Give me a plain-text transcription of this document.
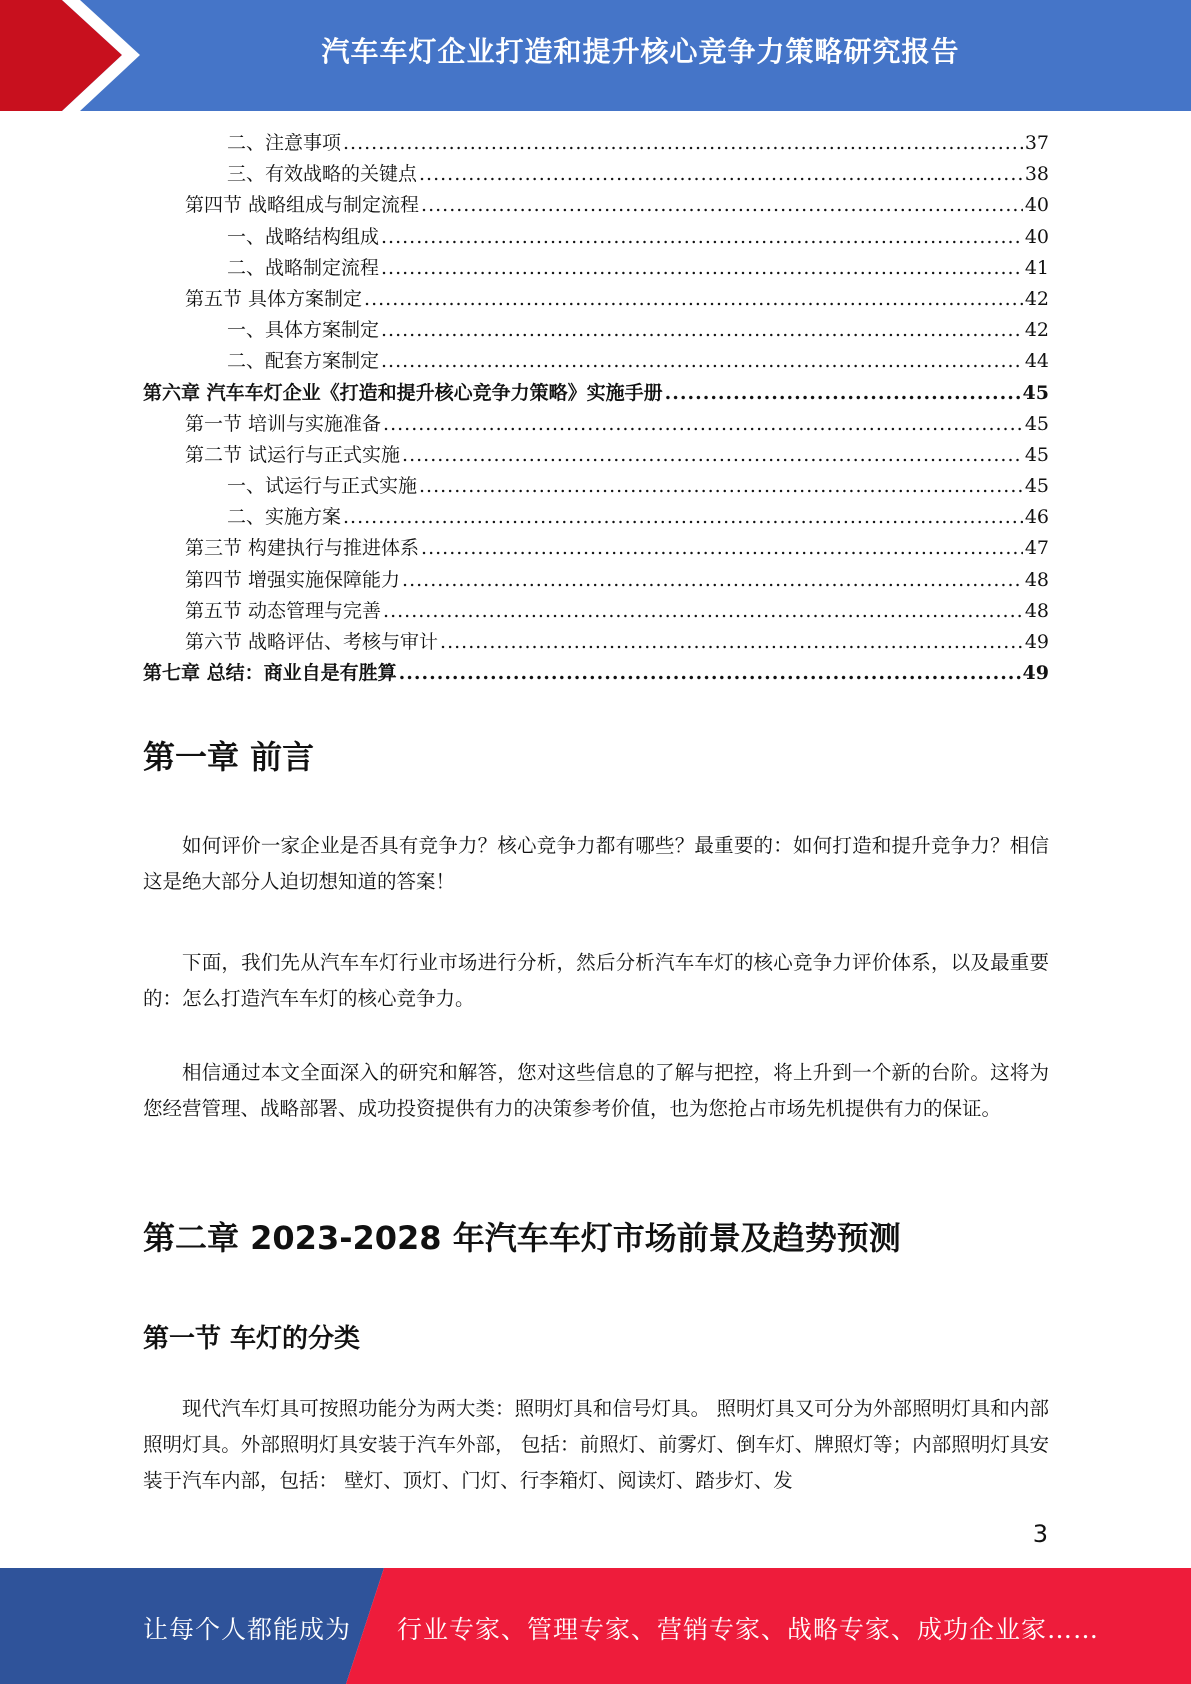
汽车车灯企业打造和提升核心竞争力策略研究报告
二、注意事项 .....	37
三、有效战略的关键点 .....	38
第四节 战略组成与制定流程 .....	40
一、战略结构组成 .....	40
二、战略制定流程 .....	41
第五节 具体方案制定 .....	42
一、具体方案制定 .....	42
二、配套方案制定 .....	44
第六章 汽车车灯企业《打造和提升核心竞争力策略》实施手册 .....	45
第一节 培训与实施准备 .....	45
第二节 试运行与正式实施 .....	45
一、试运行与正式实施 .....	45
二、实施方案 .....	46
第三节 构建执行与推进体系 .....	47
第四节 增强实施保障能力 .....	48
第五节 动态管理与完善 .....	48
第六节 战略评估、考核与审计 .....	49
第七章 总结：商业自是有胜算 .....	49
第一章 前言

如何评价一家企业是否具有竞争力？核心竞争力都有哪些？最重要的：如何打造和提升竞争力？相信这是绝大部分人迫切想知道的答案！

下面，我们先从汽车车灯行业市场进行分析，然后分析汽车车灯的核心竞争力评价体系，以及最重要的：怎么打造汽车车灯的核心竞争力。

相信通过本文全面深入的研究和解答，您对这些信息的了解与把控，将上升到一个新的台阶。这将为您经营管理、战略部署、成功投资提供有力的决策参考价值，也为您抢占市场先机提供有力的保证。

第二章 2023-2028 年汽车车灯市场前景及趋势预测
第一节 车灯的分类

现代汽车灯具可按照功能分为两大类：照明灯具和信号灯具。 照明灯具又可分为外部照明灯具和内部照明灯具。外部照明灯具安装于汽车外部， 包括：前照灯、前雾灯、倒车灯、牌照灯等；内部照明灯具安装于汽车内部，包括： 壁灯、顶灯、门灯、行李箱灯、阅读灯、踏步灯、发

3
让每个人都能成为 行业专家、管理专家、营销专家、战略专家、成功企业家……
